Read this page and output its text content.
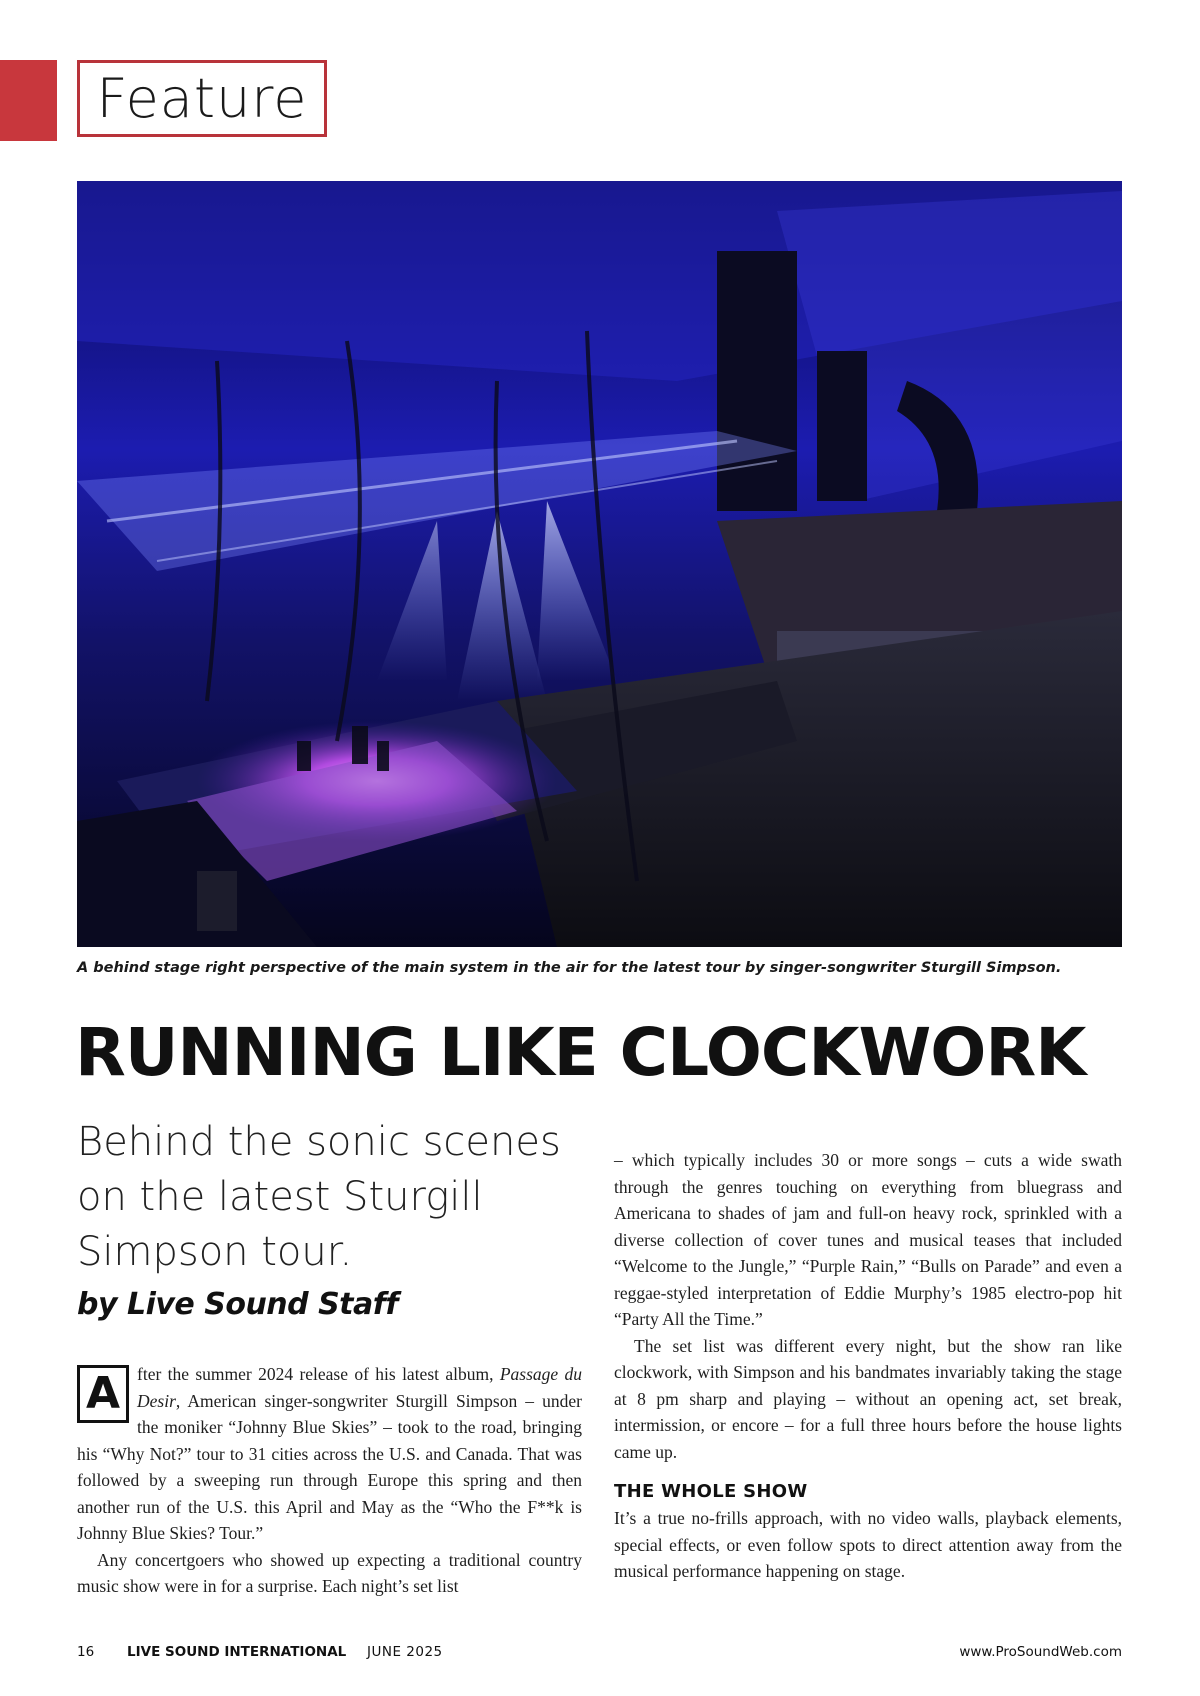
Feature
A behind stage right perspective of the main system in the air for the latest tour by singer-songwriter Sturgill Simpson.
RUNNING LIKE CLOCKWORK

Behind the sonic scenes on the latest Sturgill Simpson tour.

by Live Sound Staff

A fter the summer 2024 release of his latest album, Passage du Desir, American singer-songwriter Sturgill Simpson – under the moniker “Johnny Blue Skies” – took to the road, bringing his “Why Not?” tour to 31 cities across the U.S. and Canada. That was followed by a sweeping run through Europe this spring and then another run of the U.S. this April and May as the “Who the F**k is Johnny Blue Skies? Tour.”

Any concertgoers who showed up expecting a traditional country music show were in for a surprise. Each night’s set list

– which typically includes 30 or more songs – cuts a wide swath through the genres touching on everything from bluegrass and Americana to shades of jam and full-on heavy rock, sprinkled with a diverse collection of cover tunes and musical teases that included “Welcome to the Jungle,” “Purple Rain,” “Bulls on Parade” and even a reggae-styled interpretation of Eddie Murphy’s 1985 electro-pop hit “Party All the Time.”

The set list was different every night, but the show ran like clockwork, with Simpson and his bandmates invariably taking the stage at 8 pm sharp and playing – without an opening act, set break, intermission, or encore – for a full three hours before the house lights came up.

THE WHOLE SHOW

It’s a true no-frills approach, with no video walls, playback elements, special effects, or even follow spots to direct attention away from the musical performance happening on stage.

16 LIVE SOUND INTERNATIONAL JUNE 2025	www.ProSoundWeb.com
